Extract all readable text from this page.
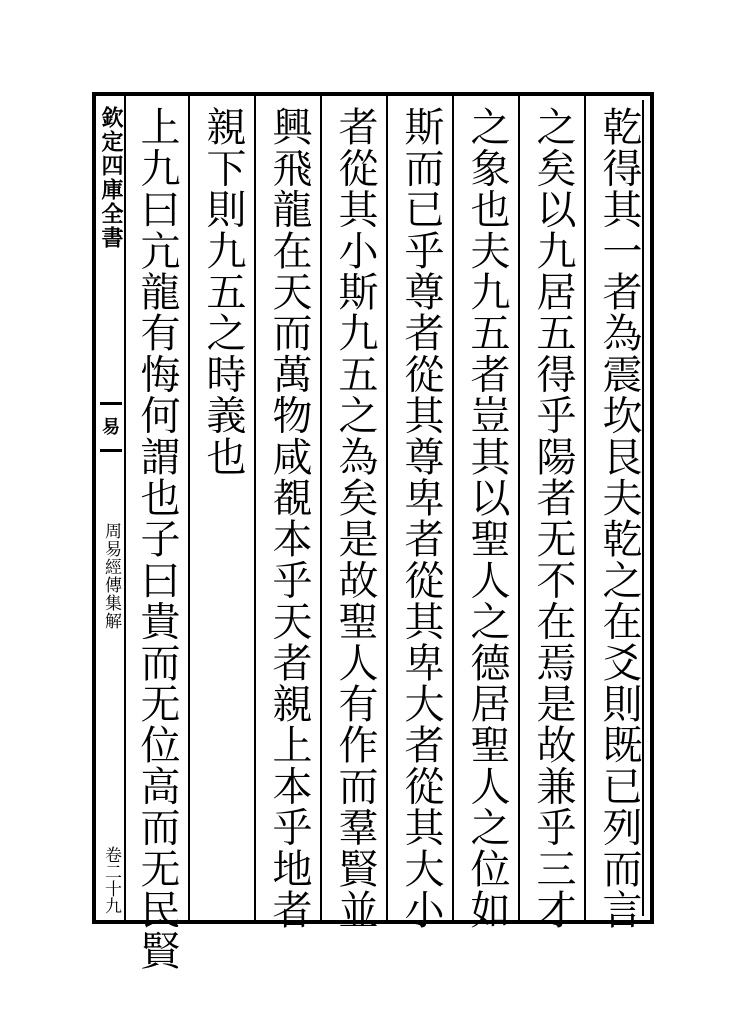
欽定四庫全書
易
周易經傳集解
卷二十九	乾得其一者為震坎艮夫乾之在爻則既已列而言
之矣以九居五得乎陽者无不在焉是故兼乎三才
之象也夫九五者豈其以聖人之德居聖人之位如
斯而已乎尊者從其尊卑者從其卑大者從其大小
者從其小斯九五之為矣是故聖人有作而羣賢並
興飛龍在天而萬物咸覩本乎天者親上本乎地者
親下則九五之時義也
上九曰亢龍有悔何謂也子曰貴而无位高而无民賢
